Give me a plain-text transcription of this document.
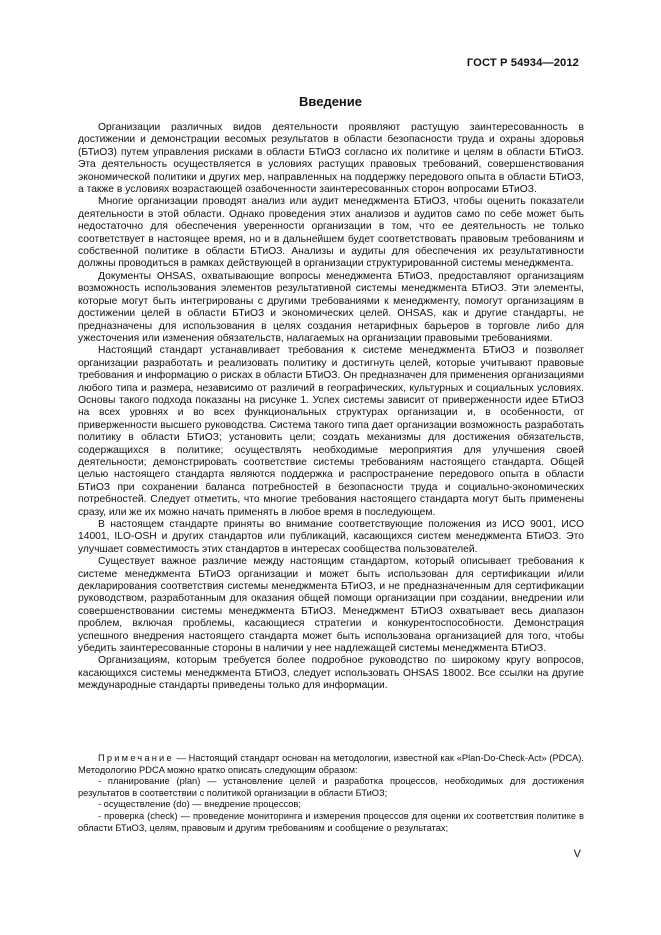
ГОСТ Р 54934—2012
Введение

Организации различных видов деятельности проявляют растущую заинтересованность в достижении и демонстрации весомых результатов в области безопасности труда и охраны здоровья (БТиОЗ) путем управления рисками в области БТиОЗ согласно их политике и целям в области БТиОЗ. Эта деятельность осуществляется в условиях растущих правовых требований, совершенствования экономической политики и других мер, направленных на поддержку передового опыта в области БТиОЗ, а также в условиях возрастающей озабоченности заинтересованных сторон вопросами БТиОЗ.

Многие организации проводят анализ или аудит менеджмента БТиОЗ, чтобы оценить показатели деятельности в этой области. Однако проведения этих анализов и аудитов само по себе может быть недостаточно для обеспечения уверенности организации в том, что ее деятельность не только соответствует в настоящее время, но и в дальнейшем будет соответствовать правовым требованиям и собственной политике в области БТиОЗ. Анализы и аудиты для обеспечения их результативности должны проводиться в рамках действующей в организации структурированной системы менеджмента.

Документы OHSAS, охватывающие вопросы менеджмента БТиОЗ, предоставляют организациям возможность использования элементов результативной системы менеджмента БТиОЗ. Эти элементы, которые могут быть интегрированы с другими требованиями к менеджменту, помогут организациям в достижении целей в области БТиОЗ и экономических целей. OHSAS, как и другие стандарты, не предназначены для использования в целях создания нетарифных барьеров в торговле либо для ужесточения или изменения обязательств, налагаемых на организации правовыми требованиями.

Настоящий стандарт устанавливает требования к системе менеджмента БТиОЗ и позволяет организации разработать и реализовать политику и достигнуть целей, которые учитывают правовые требования и информацию о рисках в области БТиОЗ. Он предназначен для применения организациями любого типа и размера, независимо от различий в географических, культурных и социальных условиях. Основы такого подхода показаны на рисунке 1. Успех системы зависит от приверженности идее БТиОЗ на всех уровнях и во всех функциональных структурах организации и, в особенности, от приверженности высшего руководства. Система такого типа дает организации возможность разработать политику в области БТиОЗ; установить цели; создать механизмы для достижения обязательств, содержащихся в политике; осуществлять необходимые мероприятия для улучшения своей деятельности; демонстрировать соответствие системы требованиям настоящего стандарта. Общей целью настоящего стандарта являются поддержка и распространение передового опыта в области БТиОЗ при сохранении баланса потребностей в безопасности труда и социально-экономических потребностей. Следует отметить, что многие требования настоящего стандарта могут быть применены сразу, или же их можно начать применять в любое время в последующем.

В настоящем стандарте приняты во внимание соответствующие положения из ИСО 9001, ИСО 14001, ILO-OSH и других стандартов или публикаций, касающихся систем менеджмента БТиОЗ. Это улучшает совместимость этих стандартов в интересах сообщества пользователей.

Существует важное различие между настоящим стандартом, который описывает требования к системе менеджмента БТиОЗ организации и может быть использован для сертификации и/или декларирования соответствия системы менеджмента БТиОЗ, и не предназначенным для сертификации руководством, разработанным для оказания общей помощи организации при создании, внедрении или совершенствовании системы менеджмента БТиОЗ. Менеджмент БТиОЗ охватывает весь диапазон проблем, включая проблемы, касающиеся стратегии и конкурентоспособности. Демонстрация успешного внедрения настоящего стандарта может быть использована организацией для того, чтобы убедить заинтересованные стороны в наличии у нее надлежащей системы менеджмента БТиОЗ.

Организациям, которым требуется более подробное руководство по широкому кругу вопросов, касающихся системы менеджмента БТиОЗ, следует использовать OHSAS 18002. Все ссылки на другие международные стандарты приведены только для информации.

Примечание — Настоящий стандарт основан на методологии, известной как «Plan-Do-Check-Act» (PDCA). Методологию PDCA можно кратко описать следующим образом:

- планирование (plan) — установление целей и разработка процессов, необходимых для достижения результатов в соответствии с политикой организации в области БТиОЗ;

- осуществление (do) — внедрение процессов;

- проверка (check) — проведение мониторинга и измерения процессов для оценки их соответствия политике в области БТиОЗ, целям, правовым и другим требованиям и сообщение о результатах;

V
